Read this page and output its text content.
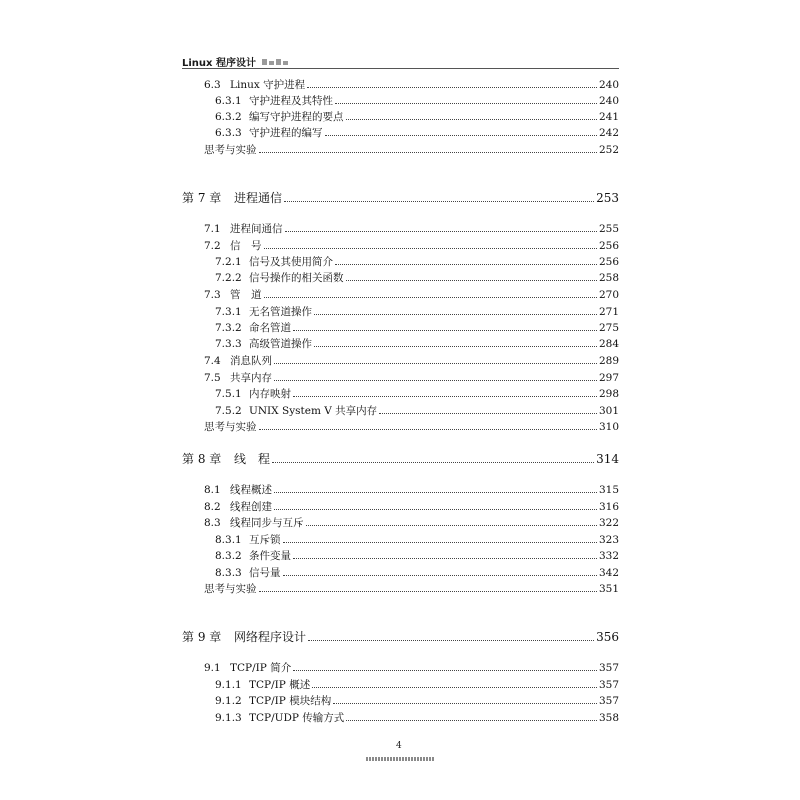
Linux 程序设计
6.3 Linux 守护进程	240
6.3.1 守护进程及其特性	240
6.3.2 编写守护进程的要点	241
6.3.3 守护进程的编写	242
思考与实验	252
第 7 章	进程通信	253
7.1 进程间通信	255
7.2 信　号	256
7.2.1 信号及其使用简介	256
7.2.2 信号操作的相关函数	258
7.3 管　道	270
7.3.1 无名管道操作	271
7.3.2 命名管道	275
7.3.3 高级管道操作	284
7.4 消息队列	289
7.5 共享内存	297
7.5.1 内存映射	298
7.5.2 UNIX System V 共享内存	301
思考与实验	310
第 8 章	线　程	314
8.1 线程概述	315
8.2 线程创建	316
8.3 线程同步与互斥	322
8.3.1 互斥锁	323
8.3.2 条件变量	332
8.3.3 信号量	342
思考与实验	351
第 9 章	网络程序设计	356
9.1 TCP/IP 简介	357
9.1.1 TCP/IP 概述	357
9.1.2 TCP/IP 模块结构	357
9.1.3 TCP/UDP 传输方式	358
4
